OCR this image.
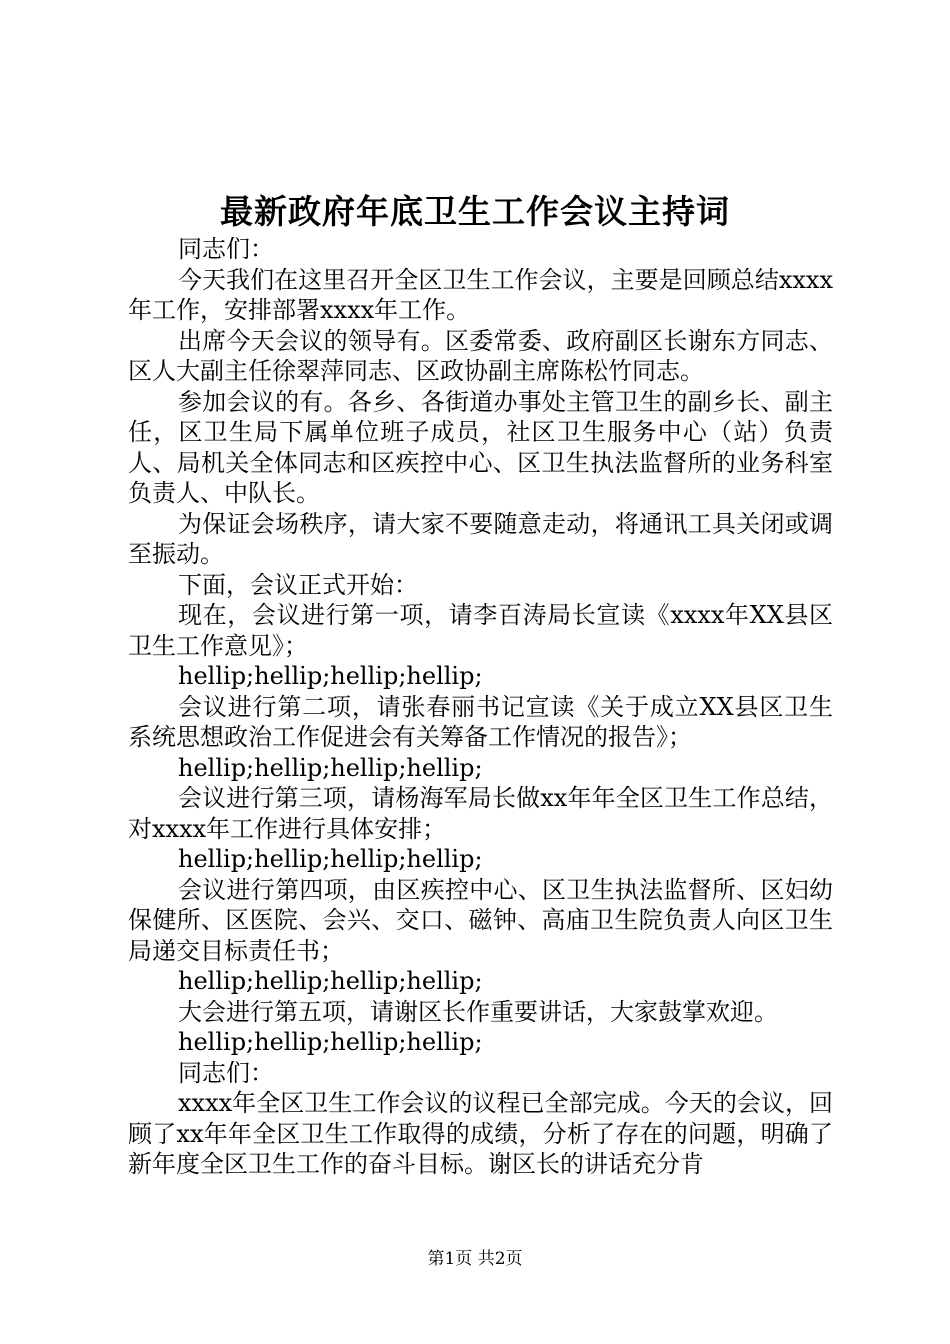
最新政府年底卫生工作会议主持词

同志们：

今天我们在这里召开全区卫生工作会议，主要是回顾总结xxxx年工作，安排部署xxxx年工作。

出席今天会议的领导有。区委常委、政府副区长谢东方同志、区人大副主任徐翠萍同志、区政协副主席陈松竹同志。

参加会议的有。各乡、各街道办事处主管卫生的副乡长、副主任，区卫生局下属单位班子成员，社区卫生服务中心（站）负责人、局机关全体同志和区疾控中心、区卫生执法监督所的业务科室负责人、中队长。

为保证会场秩序，请大家不要随意走动，将通讯工具关闭或调至振动。

下面，会议正式开始：

现在，会议进行第一项，请李百涛局长宣读《xxxx年XX县区卫生工作意见》；

hellip;hellip;hellip;hellip;

会议进行第二项，请张春丽书记宣读《关于成立XX县区卫生系统思想政治工作促进会有关筹备工作情况的报告》；

hellip;hellip;hellip;hellip;

会议进行第三项，请杨海军局长做xx年年全区卫生工作总结，对xxxx年工作进行具体安排；

hellip;hellip;hellip;hellip;

会议进行第四项，由区疾控中心、区卫生执法监督所、区妇幼保健所、区医院、会兴、交口、磁钟、高庙卫生院负责人向区卫生局递交目标责任书；

hellip;hellip;hellip;hellip;

大会进行第五项，请谢区长作重要讲话，大家鼓掌欢迎。

hellip;hellip;hellip;hellip;

同志们：

xxxx年全区卫生工作会议的议程已全部完成。今天的会议，回顾了xx年年全区卫生工作取得的成绩，分析了存在的问题，明确了新年度全区卫生工作的奋斗目标。谢区长的讲话充分肯

第1页 共2页
